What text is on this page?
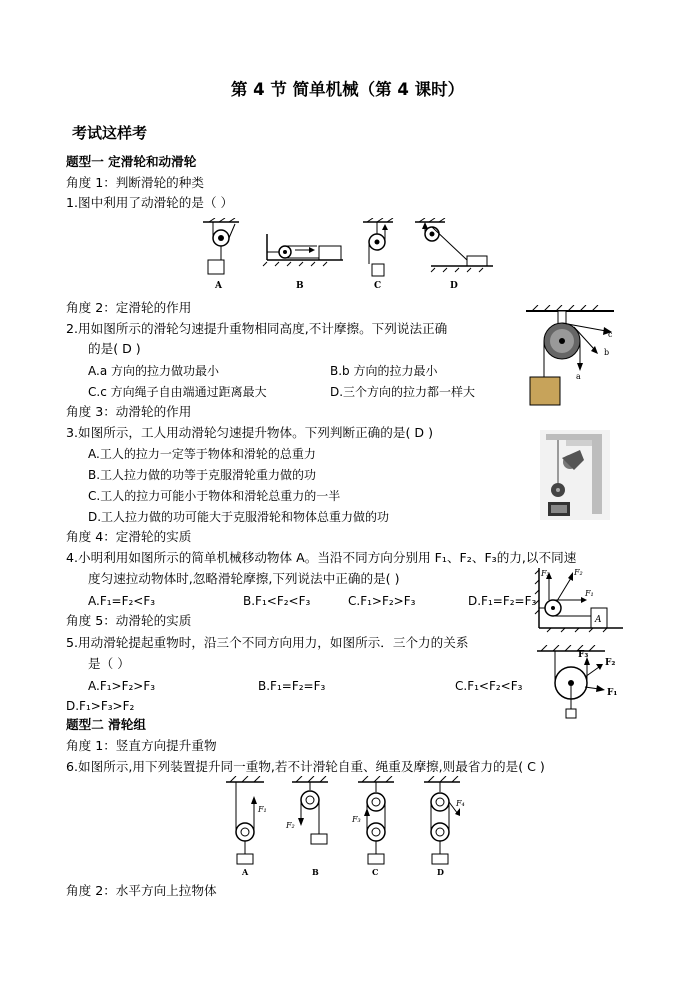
第 4 节 简单机械（第 4 课时）
考试这样考
题型一 定滑轮和动滑轮
角度 1：判断滑轮的种类
1.图中利用了动滑轮的是（ ）
A	B	C	D
角度 2：定滑轮的作用
2.用如图所示的滑轮匀速提升重物相同高度,不计摩擦。下列说法正确
的是( D )
A.a 方向的拉力做功最小	B.b 方向的拉力最小
C.c 方向绳子自由端通过距离最大	D.三个方向的拉力都一样大
c
b
a
角度 3：动滑轮的作用
3.如图所示，工人用动滑轮匀速提升物体。下列判断正确的是( D )
A.工人的拉力一定等于物体和滑轮的总重力
B.工人拉力做的功等于克服滑轮重力做的功
C.工人的拉力可能小于物体和滑轮总重力的一半
D.工人拉力做的功可能大于克服滑轮和物体总重力做的功
角度 4：定滑轮的实质
4.小明利用如图所示的简单机械移动物体 A。当沿不同方向分别用 F₁、F₂、F₃的力,以不同速
度匀速拉动物体时,忽略滑轮摩擦,下列说法中正确的是( )
A.F₁=F₂<F₃	B.F₁<F₂<F₃	C.F₁>F₂>F₃	D.F₁=F₂=F₃
A
F₃	F₂
F₁
角度 5：动滑轮的实质
5.用动滑轮提起重物时，沿三个不同方向用力，如图所示．三个力的关系
是（ ）
A.F₁>F₂>F₃	B.F₁=F₂=F₃	C.F₁<F₂<F₃
D.F₁>F₃>F₂
F₃
F₂
F₁
题型二 滑轮组
角度 1：竖直方向提升重物
6.如图所示,用下列装置提升同一重物,若不计滑轮自重、绳重及摩擦,则最省力的是( C )
F₁
A
F₂
B
F₃
C
F₄
D
角度 2：水平方向上拉物体
